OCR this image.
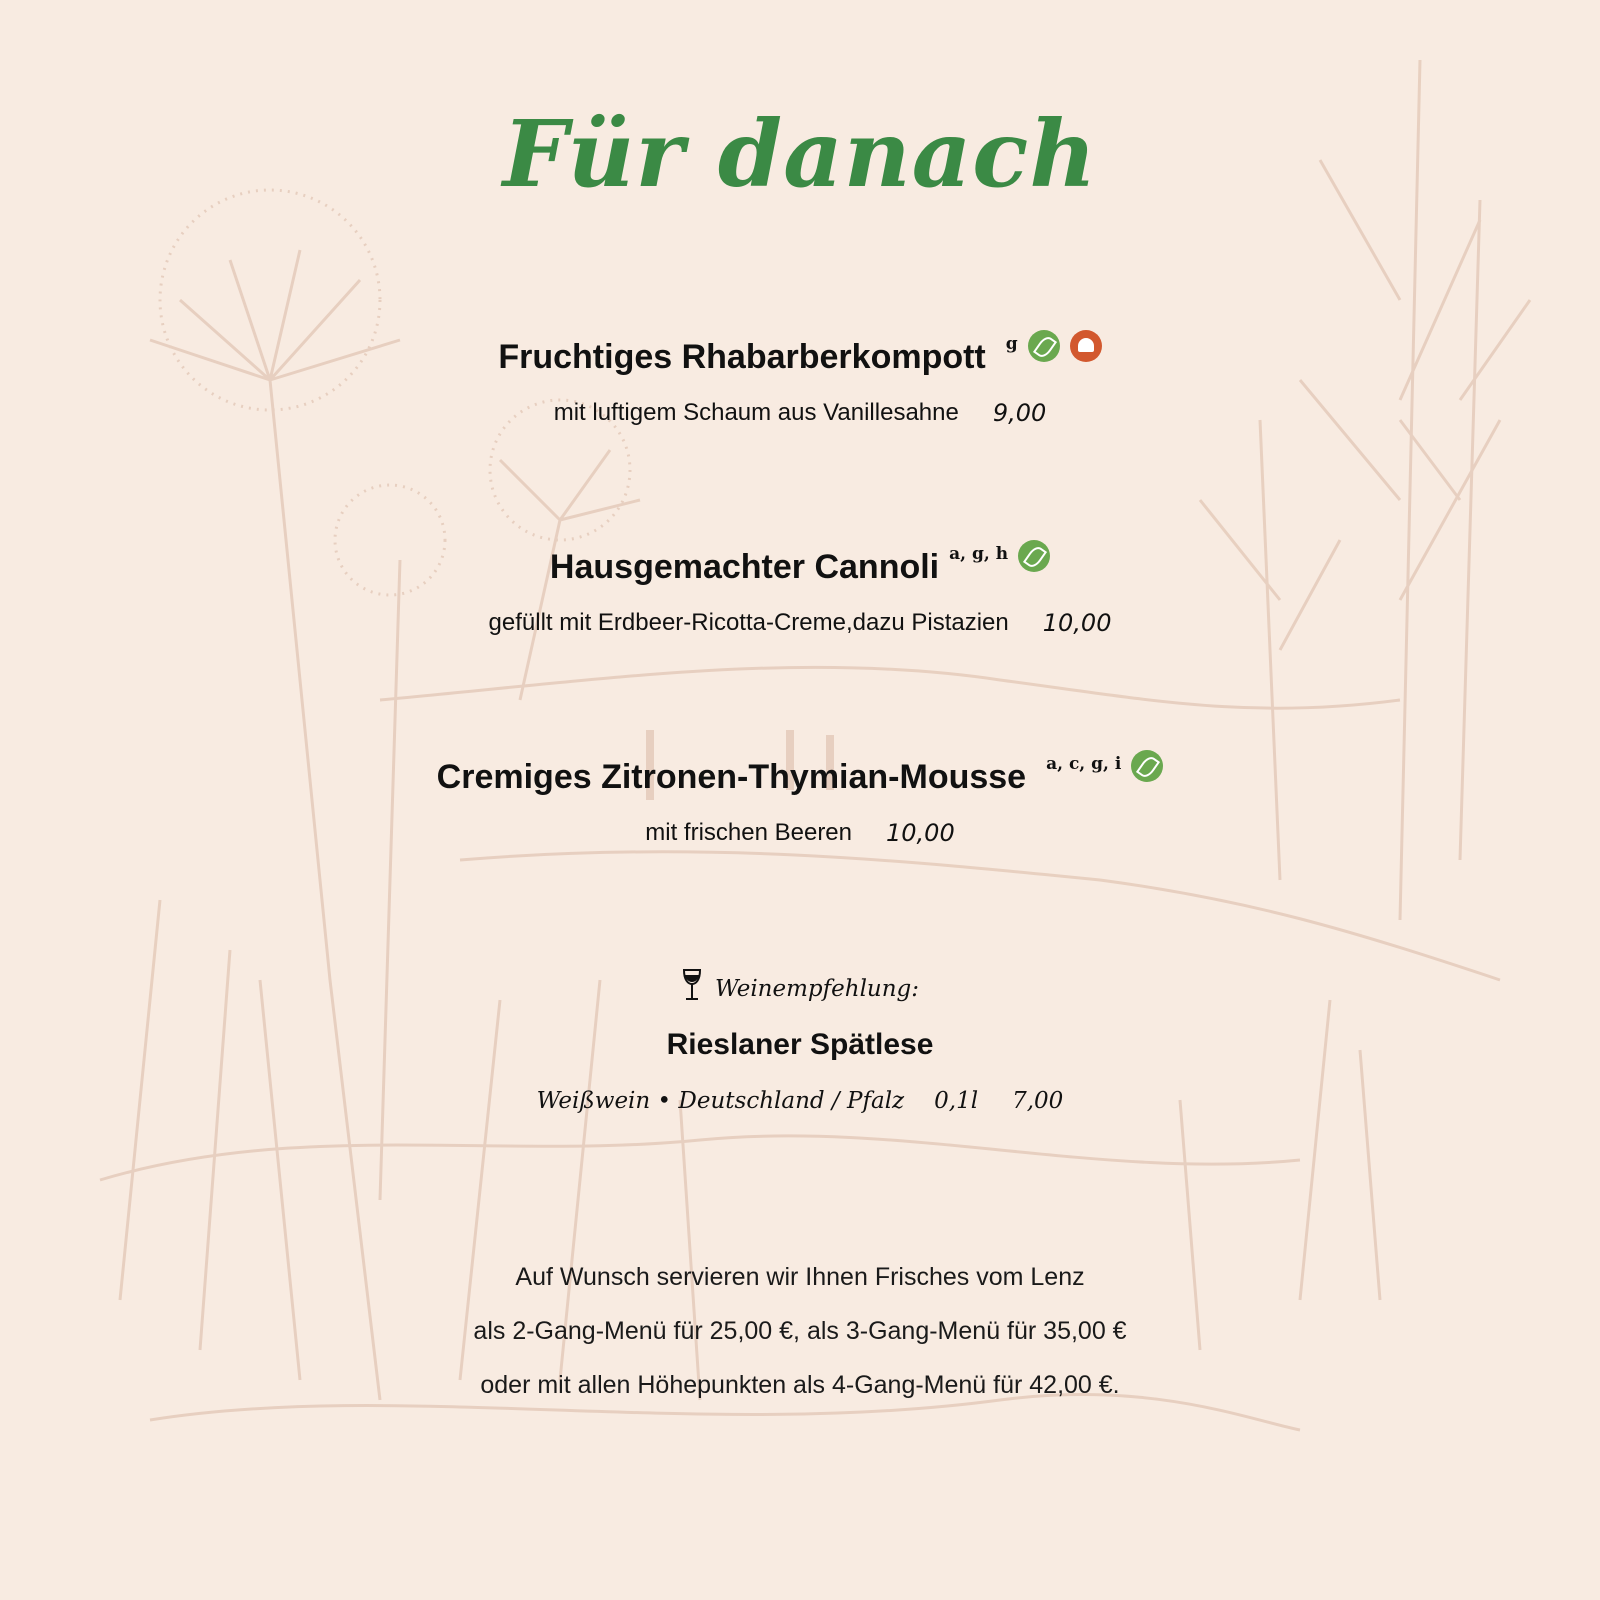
Für danach
Fruchtiges Rhabarberkompott g
mit luftigem Schaum aus Vanillesahne 9,00
Hausgemachter Cannoli a, g, h
gefüllt mit Erdbeer-Ricotta-Creme,dazu Pistazien 10,00
Cremiges Zitronen-Thymian-Mousse a, c, g, i
mit frischen Beeren 10,00
Weinempfehlung:
Rieslaner Spätlese
Weißwein • Deutschland / Pfalz 0,1l 7,00
Auf Wunsch servieren wir Ihnen Frisches vom Lenz
als 2-Gang-Menü für 25,00 €, als 3-Gang-Menü für 35,00 €
oder mit allen Höhepunkten als 4-Gang-Menü für 42,00 €.
